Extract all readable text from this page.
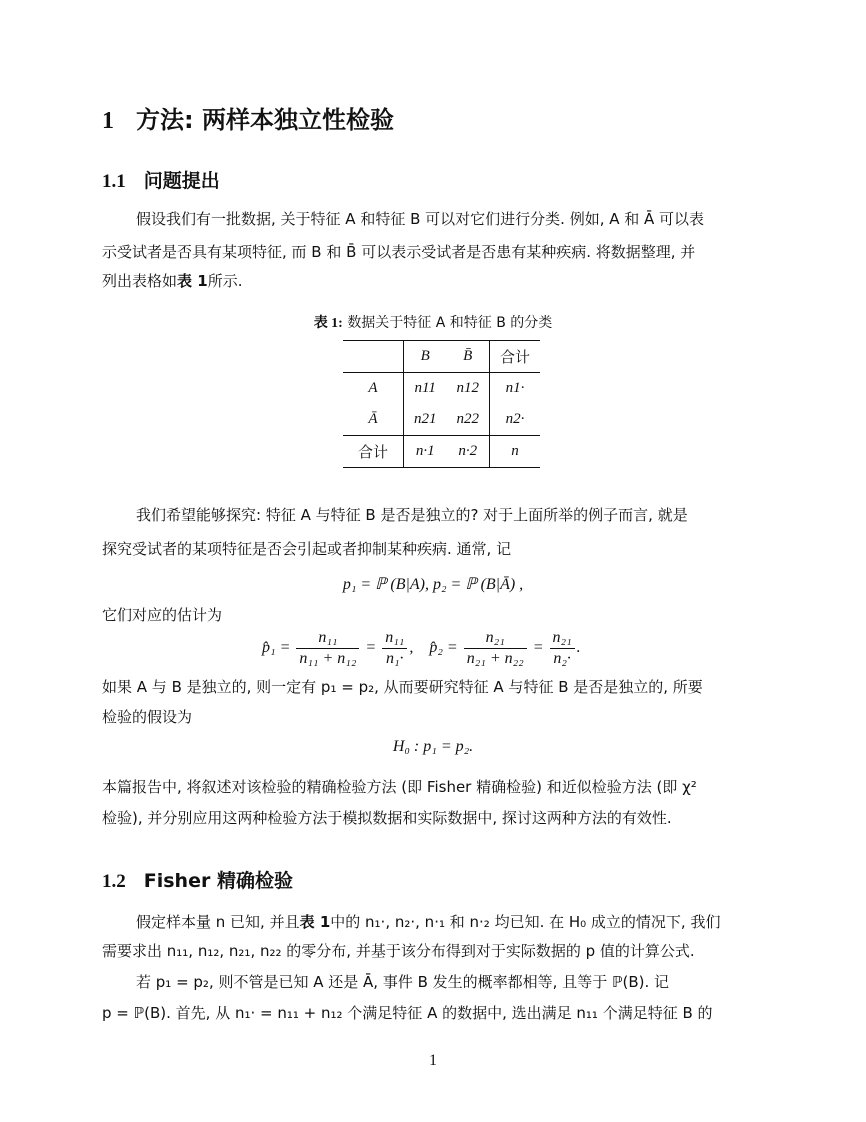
1 方法: 两样本独立性检验
1.1 问题提出
假设我们有一批数据, 关于特征 A 和特征 B 可以对它们进行分类. 例如, A 和 Ā 可以表
示受试者是否具有某项特征, 而 B 和 B̄ 可以表示受试者是否患有某种疾病. 将数据整理, 并
列出表格如表 1所示.
表 1: 数据关于特征 A 和特征 B 的分类
	B	B̄	合计
A	n11	n12	n1·
Ā	n21	n22	n2·
合计	n·1	n·2	n
我们希望能够探究: 特征 A 与特征 B 是否是独立的? 对于上面所举的例子而言, 就是
探究受试者的某项特征是否会引起或者抑制某种疾病. 通常, 记
p₁ = ℙ (B|A), p₂ = ℙ (B|Ā) ,
它们对应的估计为
p̂₁ = $\frac{\text{n₁₁}}{\text{n₁₁ + n₁₂}} = \frac{\text{n₁₁}}{\text{n₁·}}$ , p̂₂ = $\frac{\text{n₂₁}}{\text{n₂₁ + n₂₂}} = \frac{\text{n₂₁}}{\text{n₂·}}$ .
如果 A 与 B 是独立的, 则一定有 p₁ = p₂, 从而要研究特征 A 与特征 B 是否是独立的, 所要
检验的假设为
H₀ : p₁ = p₂.
本篇报告中, 将叙述对该检验的精确检验方法 (即 Fisher 精确检验) 和近似检验方法 (即 χ²
检验), 并分别应用这两种检验方法于模拟数据和实际数据中, 探讨这两种方法的有效性.
1.2 Fisher 精确检验
假定样本量 n 已知, 并且表 1中的 n₁·, n₂·, n·₁ 和 n·₂ 均已知. 在 H₀ 成立的情况下, 我们
需要求出 n₁₁, n₁₂, n₂₁, n₂₂ 的零分布, 并基于该分布得到对于实际数据的 p 值的计算公式.
若 p₁ = p₂, 则不管是已知 A 还是 Ā, 事件 B 发生的概率都相等, 且等于 ℙ(B). 记
p = ℙ(B). 首先, 从 n₁· = n₁₁ + n₁₂ 个满足特征 A 的数据中, 选出满足 n₁₁ 个满足特征 B 的
1
